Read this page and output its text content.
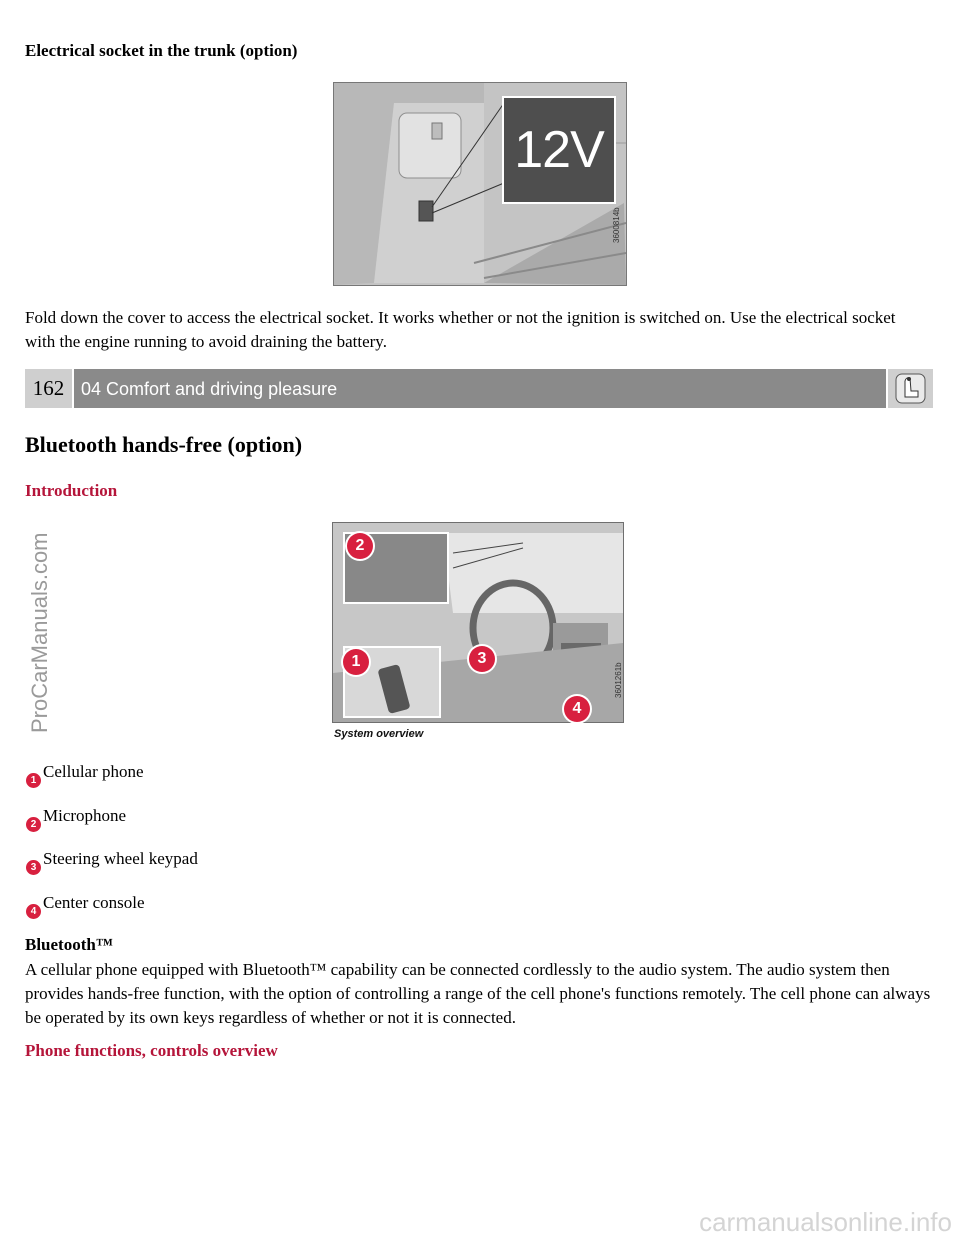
Electrical socket in the trunk (option)
12V
3600814b
Fold down the cover to access the electrical socket. It works whether or not the ignition is switched on. Use the electrical socket with the engine running to avoid draining the battery.
162 04 Comfort and driving pleasure
Bluetooth hands-free (option)
Introduction
2
1	3
4
3601261b
System overview
1 Cellular phone
2 Microphone
3 Steering wheel keypad
4 Center console
Bluetooth™
A cellular phone equipped with Bluetooth™ capability can be connected cordlessly to the audio system. The audio system then provides hands-free function, with the option of controlling a range of the cell phone's functions remotely. The cell phone can always be operated by its own keys regardless of whether or not it is connected.
Phone functions, controls overview
ProCarManuals.com
carmanualsonline.info
